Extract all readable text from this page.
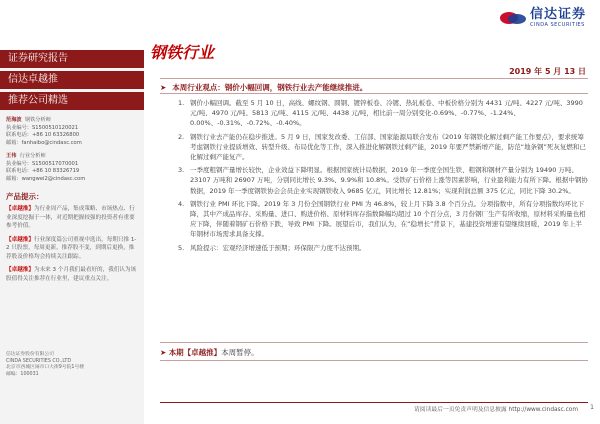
信达证券
CINDA SECURITIES
钢铁行业
证券研究报告
信达卓越推
推荐公司精选
范海波 钢铁分析师
执业编号：S1500510120021
联系电话：+86 10 63326800
邮箱：fanhaibo@cindasc.com
王伟 行业分析师
执业编号：S1500517070001
联系电话：+86 10 83326719
邮箱：wangwei2@cindasc.com
产品提示：
【卓越推】为行业周产品，集成策略、市场热点、行业深度挖掘于一体，对近期把握较强的投资者有重要参考价值。
【卓越推】行业深度篇公司重视中选出，每期只推 1-2 只股票，每周更新，推荐股不变，到期后更换，推荐股及价格均会持续关注跟踪。
【卓越推】为未来 3 个月我们最看好的，我们认为该股值得关注推荐在行业里，建议重点关注。
信达证券股份有限公司
CINDA SECURITIES CO.,LTD
北京市西城区闹市口大街9号院1号楼
邮编：100031
2019 年 5 月 13 日
➤ 本周行业观点：钢价小幅回调，钢铁行业去产能继续推进。
1. 钢价小幅回调。截至 5 月 10 日，高线、螺纹钢、圆钢、镀锌板卷、冷镀、热轧板卷、中板价格分别为 4431 元/吨、4227 元/吨、3990 元/吨、4970 元/吨、5813 元/吨、4115 元/吨、4438 元/吨，相比前一周分别变化-0.69%、-0.77%、-1.24%、0.00%、-0.31%、-0.72%、-0.40%。
2. 钢铁行业去产能仍在稳步推进。5 月 9 日，国家发改委、工信部、国家能源局联合发布《2019 年钢铁化解过剩产能工作要点》，要求统筹考虑钢铁行业提质增效、转型升级、布局优化等工作，深入推进化解钢铁过剩产能，2019 年要严禁新增产能，防范“地条钢”死灰复燃和已化解过剩产能复产。
3. 一季度粗钢产量增长较快，企业效益下降明显。根据国家统计局数据，2019 年一季度全国生铁、粗钢和钢材产量分别为 19490 万吨、23107 万吨和 26907 万吨，分别同比增长 9.3%、9.9%和 10.8%。受铁矿石价格上涨等因素影响，行业盈利能力有所下降。根据中钢协数据，2019 年一季度钢铁协会会员企业实现钢铁收入 9685 亿元，同比增长 12.81%；实现利润总额 375 亿元，同比下降 30.2%。
4. 钢铁行业 PMI 环比下降。2019 年 3 月份全国钢铁行业 PMI 为 46.8%，较上月下降 3.8 个百分点。分项指数中，所有分项指数均环比下降，其中产成品库存、采购量、进口、购进价格、原材料库存指数降幅均超过 10 个百分点，3 月份钢厂生产有所收缩，原材料采购量也相应下降，伴随着钢矿石价格下跌，导致 PMI 下降。展望后市，我们认为，在“稳增长”背景下，基建投资增速有望继续回暖，2019 年上半年钢材市场需求具备支撑。
5. 风险提示：宏观经济增速低于预期；环保限产力度不达预期。
➤ 本期【卓越推】本周暂停。
请阅读最后一页免责声明及信息披露 http://www.cindasc.com 1
